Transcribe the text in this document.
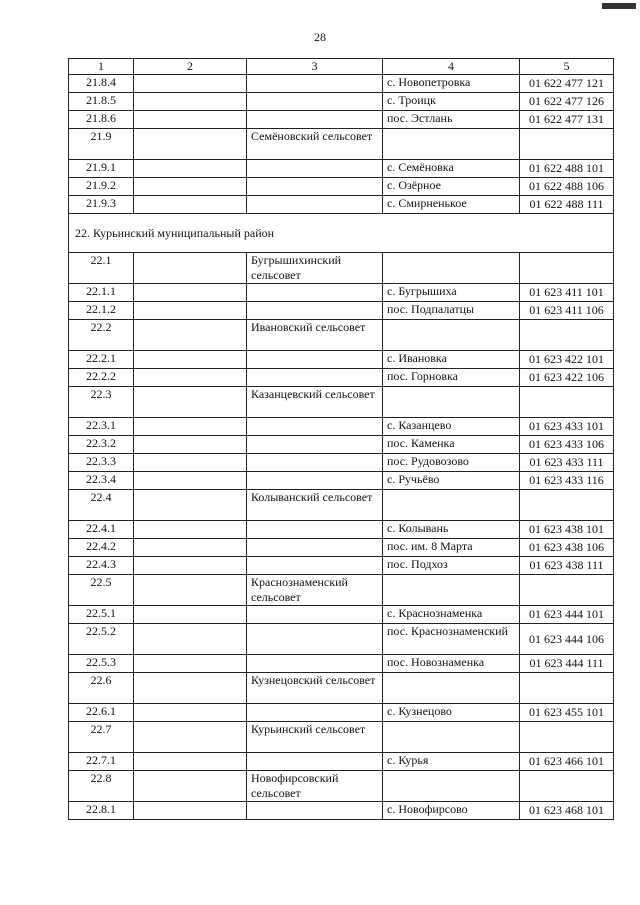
28
1	2	3	4	5
21.8.4			с. Новопетровка	01 622 477 121
21.8.5			с. Троицк	01 622 477 126
21.8.6			пос. Эстлань	01 622 477 131
21.9		Семёновский сельсовет		
21.9.1			с. Семёновка	01 622 488 101
21.9.2			с. Озёрное	01 622 488 106
21.9.3			с. Смирненькое	01 622 488 111
22. Курьинский муниципальный район				
22.1		Бугрышихинский сельсовет		
22.1.1			с. Бугрышиха	01 623 411 101
22.1.2			пос. Подпалатцы	01 623 411 106
22.2		Ивановский сельсовет		
22.2.1			с. Ивановка	01 623 422 101
22.2.2			пос. Горновка	01 623 422 106
22.3		Казанцевский сельсовет		
22.3.1			с. Казанцево	01 623 433 101
22.3.2			пос. Каменка	01 623 433 106
22.3.3			пос. Рудовозово	01 623 433 111
22.3.4			с. Ручьёво	01 623 433 116
22.4		Колыванский сельсовет		
22.4.1			с. Колывань	01 623 438 101
22.4.2			пос. им. 8 Марта	01 623 438 106
22.4.3			пос. Подхоз	01 623 438 111
22.5		Краснознаменский сельсовет		
22.5.1			с. Краснознаменка	01 623 444 101
22.5.2			пос. Краснознаменский	01 623 444 106
22.5.3			пос. Новознаменка	01 623 444 111
22.6		Кузнецовский сельсовет		
22.6.1			с. Кузнецово	01 623 455 101
22.7		Курьинский сельсовет		
22.7.1			с. Курья	01 623 466 101
22.8		Новофирсовский сельсовет		
22.8.1			с. Новофирсово	01 623 468 101
